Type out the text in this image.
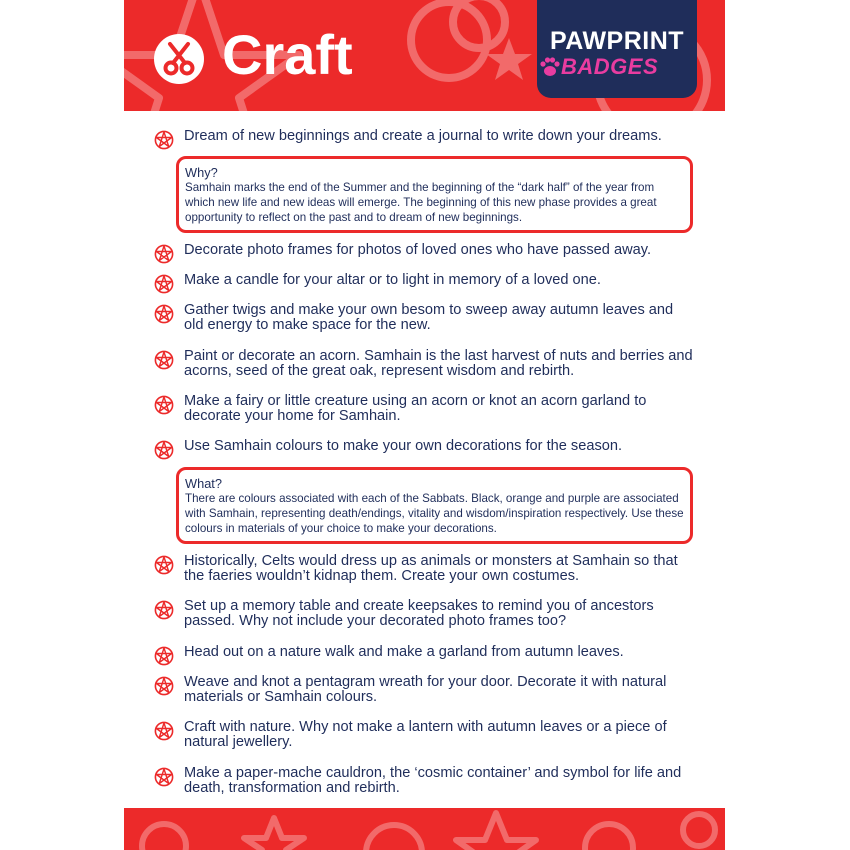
Craft	PAWPRINT
BADGES
Dream of new beginnings and create a journal to write down your dreams.
Why?
Samhain marks the end of the Summer and the beginning of the “dark half” of the year from which new life and new ideas will emerge. The beginning of this new phase provides a great opportunity to reflect on the past and to dream of new beginnings.
Decorate photo frames for photos of loved ones who have passed away.
Make a candle for your altar or to light in memory of a loved one.
Gather twigs and make your own besom to sweep away autumn leaves and old energy to make space for the new.
Paint or decorate an acorn. Samhain is the last harvest of nuts and berries and acorns, seed of the great oak, represent wisdom and rebirth.
Make a fairy or little creature using an acorn or knot an acorn garland to decorate your home for Samhain.
Use Samhain colours to make your own decorations for the season.
What?
There are colours associated with each of the Sabbats. Black, orange and purple are associated with Samhain, representing death/endings, vitality and wisdom/inspiration respectively. Use these colours in materials of your choice to make your decorations.
Historically, Celts would dress up as animals or monsters at Samhain so that the faeries wouldn’t kidnap them. Create your own costumes.
Set up a memory table and create keepsakes to remind you of ancestors passed. Why not include your decorated photo frames too?
Head out on a nature walk and make a garland from autumn leaves.
Weave and knot a pentagram wreath for your door. Decorate it with natural materials or Samhain colours.
Craft with nature. Why not make a lantern with autumn leaves or a piece of natural jewellery.
Make a paper-mache cauldron, the ‘cosmic container’ and symbol for life and death, transformation and rebirth.
